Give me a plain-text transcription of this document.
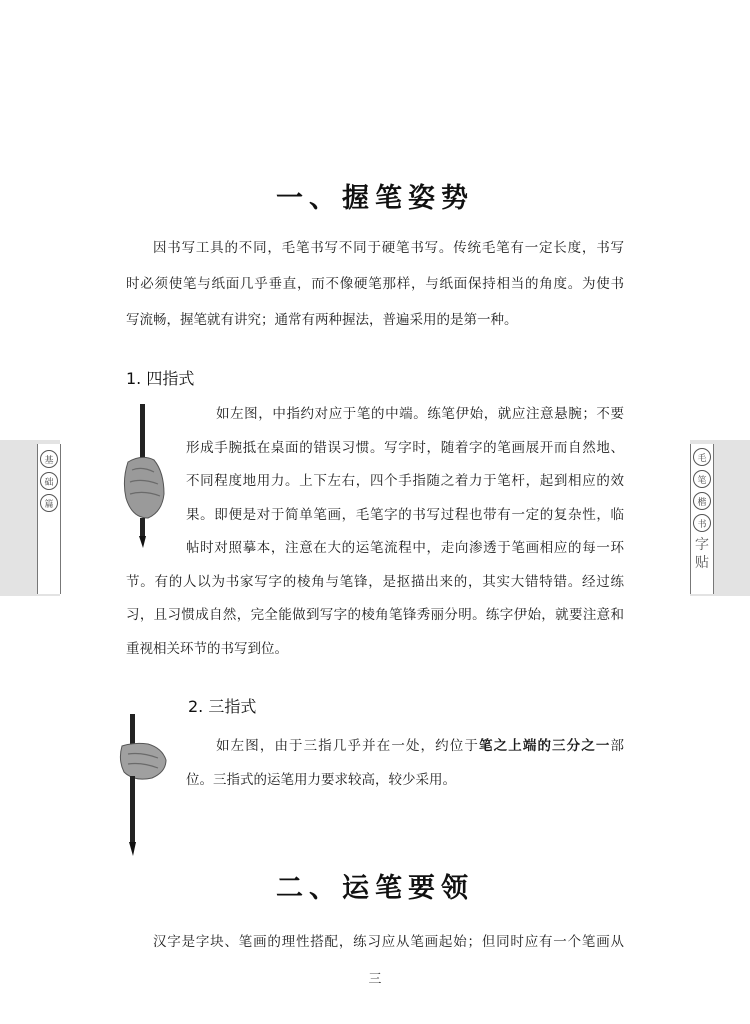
基
础
篇
毛
笔
楷
书
字
贴
一、握笔姿势
因书写工具的不同，毛笔书写不同于硬笔书写。传统毛笔有一定长度，书写
时必须使笔与纸面几乎垂直，而不像硬笔那样，与纸面保持相当的角度。为使书
写流畅，握笔就有讲究；通常有两种握法，普遍采用的是第一种。
1. 四指式
如左图，中指约对应于笔的中端。练笔伊始，就应注意悬腕；不要
形成手腕抵在桌面的错误习惯。写字时，随着字的笔画展开而自然地、
不同程度地用力。上下左右，四个手指随之着力于笔杆，起到相应的效
果。即便是对于简单笔画，毛笔字的书写过程也带有一定的复杂性，临
帖时对照摹本，注意在大的运笔流程中，走向渗透于笔画相应的每一环
节。有的人以为书家写字的棱角与笔锋，是抠描出来的，其实大错特错。经过练
习，且习惯成自然，完全能做到写字的棱角笔锋秀丽分明。练字伊始，就要注意和
重视相关环节的书写到位。
2. 三指式
如左图，由于三指几乎并在一处，约位于笔之上端的三分之一部
位。三指式的运笔用力要求较高，较少采用。
二、运笔要领
汉字是字块、笔画的理性搭配，练习应从笔画起始；但同时应有一个笔画从
三
